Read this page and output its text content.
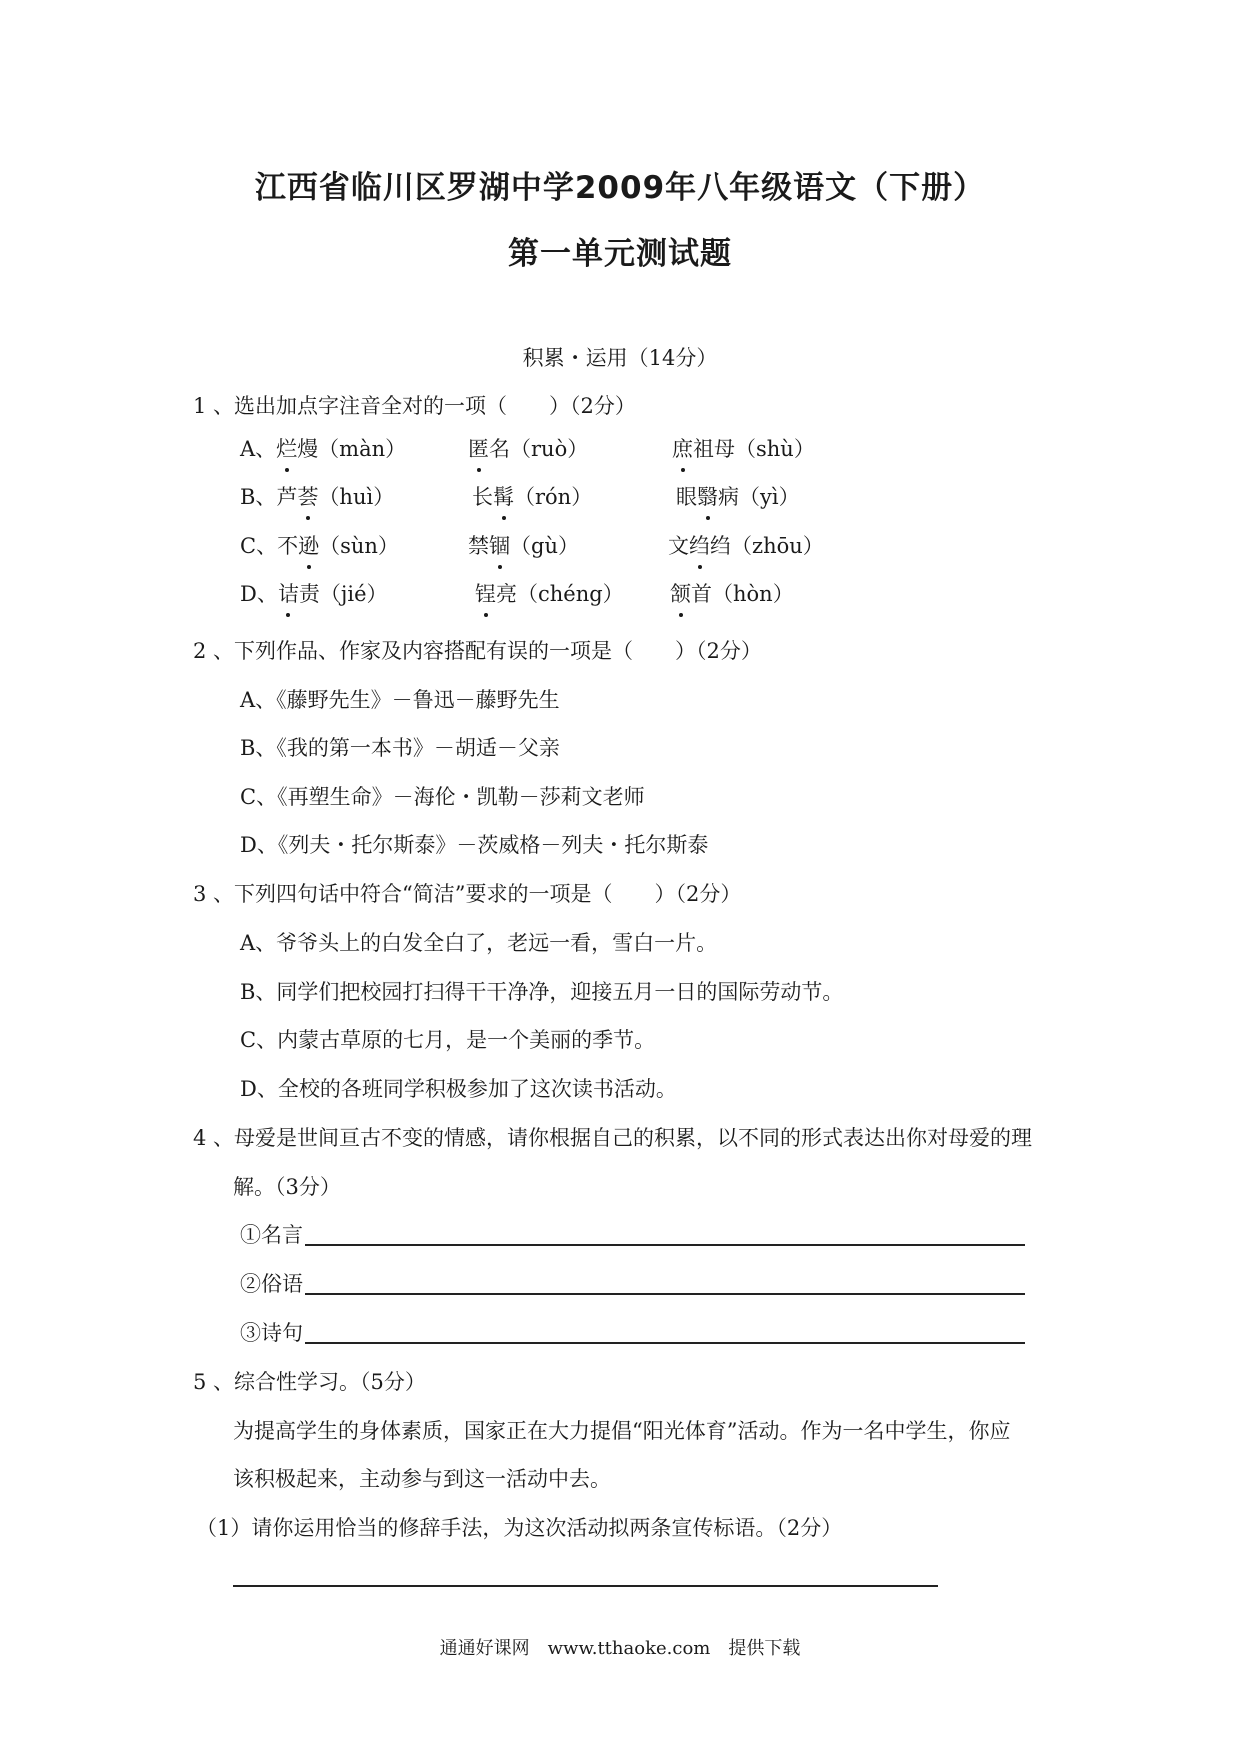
江西省临川区罗湖中学2009年八年级语文（下册）
第一单元测试题
积累・运用（14分）
1 、选出加点字注音全对的一项（　　）（2分）
A、烂熳（màn）	匿名（ruò）	庶祖母（shù）
B、芦荟（huì）	长髯（rón）	眼翳病（yì）
C、不逊（sùn）	禁锢（gù）	文绉绉（zhōu）
D、诘责（jié）	锃亮（chéng） 颔首（hòn）
2 、下列作品、作家及内容搭配有误的一项是（　　）（2分）
A、《藤野先生》－鲁迅－藤野先生
B、《我的第一本书》－胡适－父亲
C、《再塑生命》－海伦・凯勒－莎莉文老师
D、《列夫・托尔斯泰》－茨威格－列夫・托尔斯泰
3 、下列四句话中符合“简洁”要求的一项是（　　）（2分）
A、爷爷头上的白发全白了，老远一看，雪白一片。
B、同学们把校园打扫得干干净净，迎接五月一日的国际劳动节。
C、内蒙古草原的七月，是一个美丽的季节。
D、全校的各班同学积极参加了这次读书活动。
4 、母爱是世间亘古不变的情感，请你根据自己的积累，以不同的形式表达出你对母爱的理
解。（3分）
①名言
②俗语
③诗句
5 、综合性学习。（5分）
为提高学生的身体素质，国家正在大力提倡“阳光体育”活动。作为一名中学生，你应
该积极起来，主动参与到这一活动中去。
（1）请你运用恰当的修辞手法，为这次活动拟两条宣传标语。（2分）
通通好课网　www.tthaoke.com　提供下载
